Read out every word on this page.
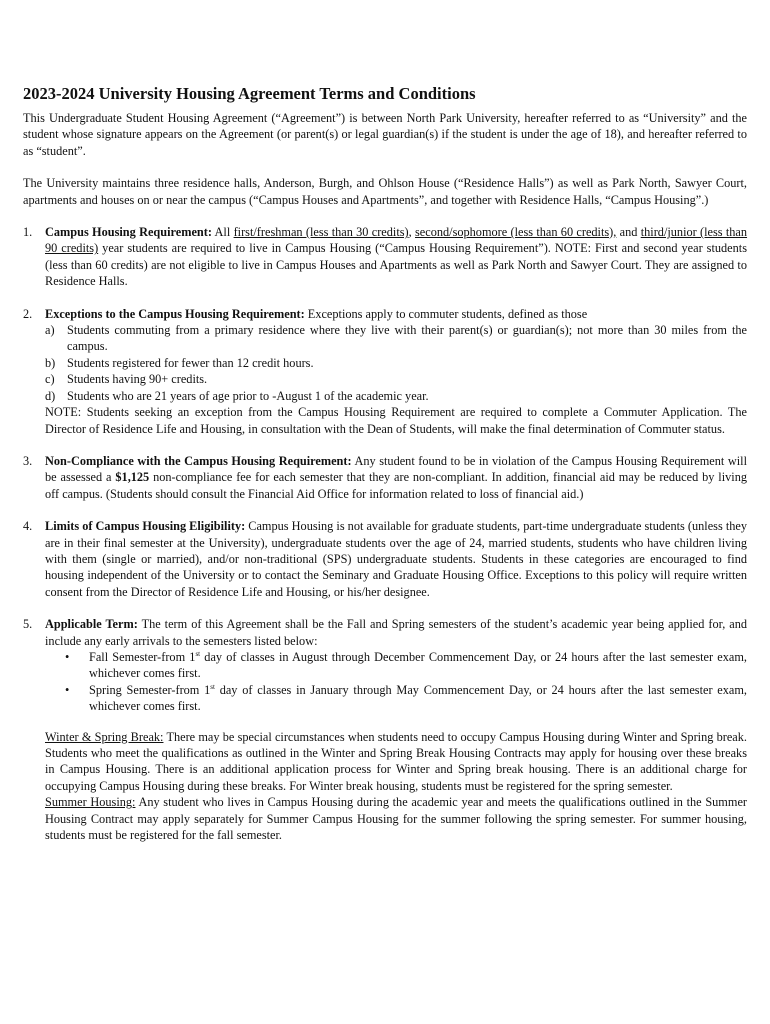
2023-2024 University Housing Agreement Terms and Conditions

This Undergraduate Student Housing Agreement (“Agreement”) is between North Park University, hereafter referred to as “University” and the student whose signature appears on the Agreement (or parent(s) or legal guardian(s) if the student is under the age of 18), and hereafter referred to as “student”.

The University maintains three residence halls, Anderson, Burgh, and Ohlson House (“Residence Halls”) as well as Park North, Sawyer Court, apartments and houses on or near the campus (“Campus Houses and Apartments”, and together with Residence Halls, “Campus Housing”.)

1.	Campus Housing Requirement: All first/freshman (less than 30 credits), second/sophomore (less than 60 credits), and third/junior (less than 90 credits) year students are required to live in Campus Housing (“Campus Housing Requirement”). NOTE: First and second year students (less than 60 credits) are not eligible to live in Campus Houses and Apartments as well as Park North and Sawyer Court. They are assigned to Residence Halls.
2.	Exceptions to the Campus Housing Requirement: Exceptions apply to commuter students, defined as those
a)	Students commuting from a primary residence where they live with their parent(s) or guardian(s); not more than 30 miles from the campus.
b) Students registered for fewer than 12 credit hours.
c)	Students having 90+ credits.
d) Students who are 21 years of age prior to -August 1 of the academic year.
NOTE: Students seeking an exception from the Campus Housing Requirement are required to complete a Commuter Application. The Director of Residence Life and Housing, in consultation with the Dean of Students, will make the final determination of Commuter status.
3.	Non-Compliance with the Campus Housing Requirement: Any student found to be in violation of the Campus Housing Requirement will be assessed a $1,125 non-compliance fee for each semester that they are non-compliant. In addition, financial aid may be reduced by living off campus. (Students should consult the Financial Aid Office for information related to loss of financial aid.)
4.	Limits of Campus Housing Eligibility: Campus Housing is not available for graduate students, part-time undergraduate students (unless they are in their final semester at the University), undergraduate students over the age of 24, married students, students who have children living with them (single or married), and/or non-traditional (SPS) undergraduate students. Students in these categories are encouraged to find housing independent of the University or to contact the Seminary and Graduate Housing Office. Exceptions to this policy will require written consent from the Director of Residence Life and Housing, or his/her designee.
5.	Applicable Term: The term of this Agreement shall be the Fall and Spring semesters of the student’s academic year being applied for, and include any early arrivals to the semesters listed below:
•	Fall Semester-from 1st day of classes in August through December Commencement Day, or 24 hours after the last semester exam, whichever comes first.
•	Spring Semester-from 1st day of classes in January through May Commencement Day, or 24 hours after the last semester exam, whichever comes first.

Winter & Spring Break: There may be special circumstances when students need to occupy Campus Housing during Winter and Spring break. Students who meet the qualifications as outlined in the Winter and Spring Break Housing Contracts may apply for housing over these breaks in Campus Housing. There is an additional application process for Winter and Spring break housing. There is an additional charge for occupying Campus Housing during these breaks. For Winter break housing, students must be registered for the spring semester.

Summer Housing: Any student who lives in Campus Housing during the academic year and meets the qualifications outlined in the Summer Housing Contract may apply separately for Summer Campus Housing for the summer following the spring semester. For summer housing, students must be registered for the fall semester.
